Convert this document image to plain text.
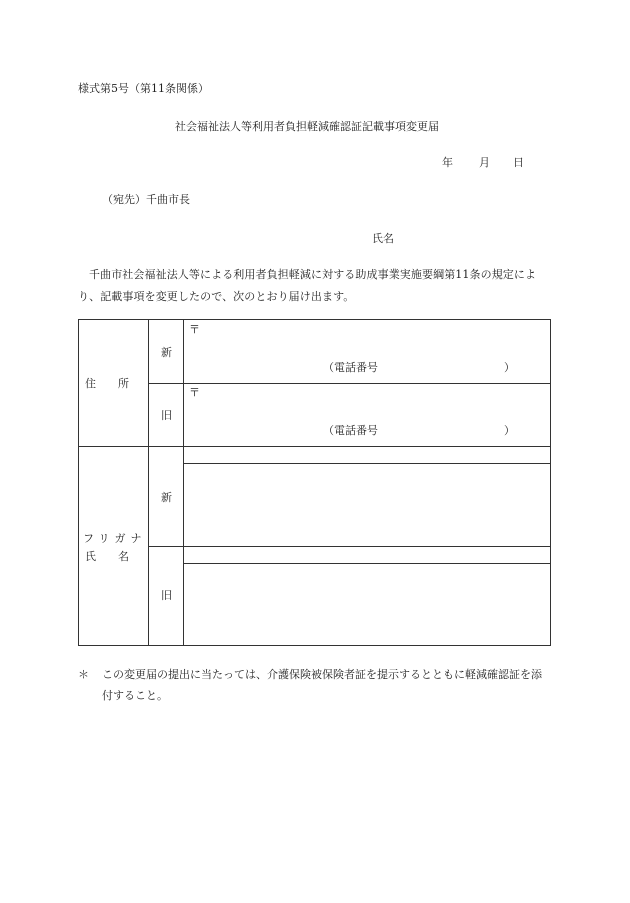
様式第5号（第11条関係）
社会福祉法人等利用者負担軽減確認証記載事項変更届
年 月 日
（宛先）千曲市長
氏名
千曲市社会福祉法人等による利用者負担軽減に対する助成事業実施要綱第11条の規定により、記載事項を変更したので、次のとおり届け出ます。
住　　所
新
旧
〒
（電話番号	）
〒
（電話番号	）
フリガナ
氏　　名
新
旧
＊ この変更届の提出に当たっては、介護保険被保険者証を提示するとともに軽減確認証を添付すること。
